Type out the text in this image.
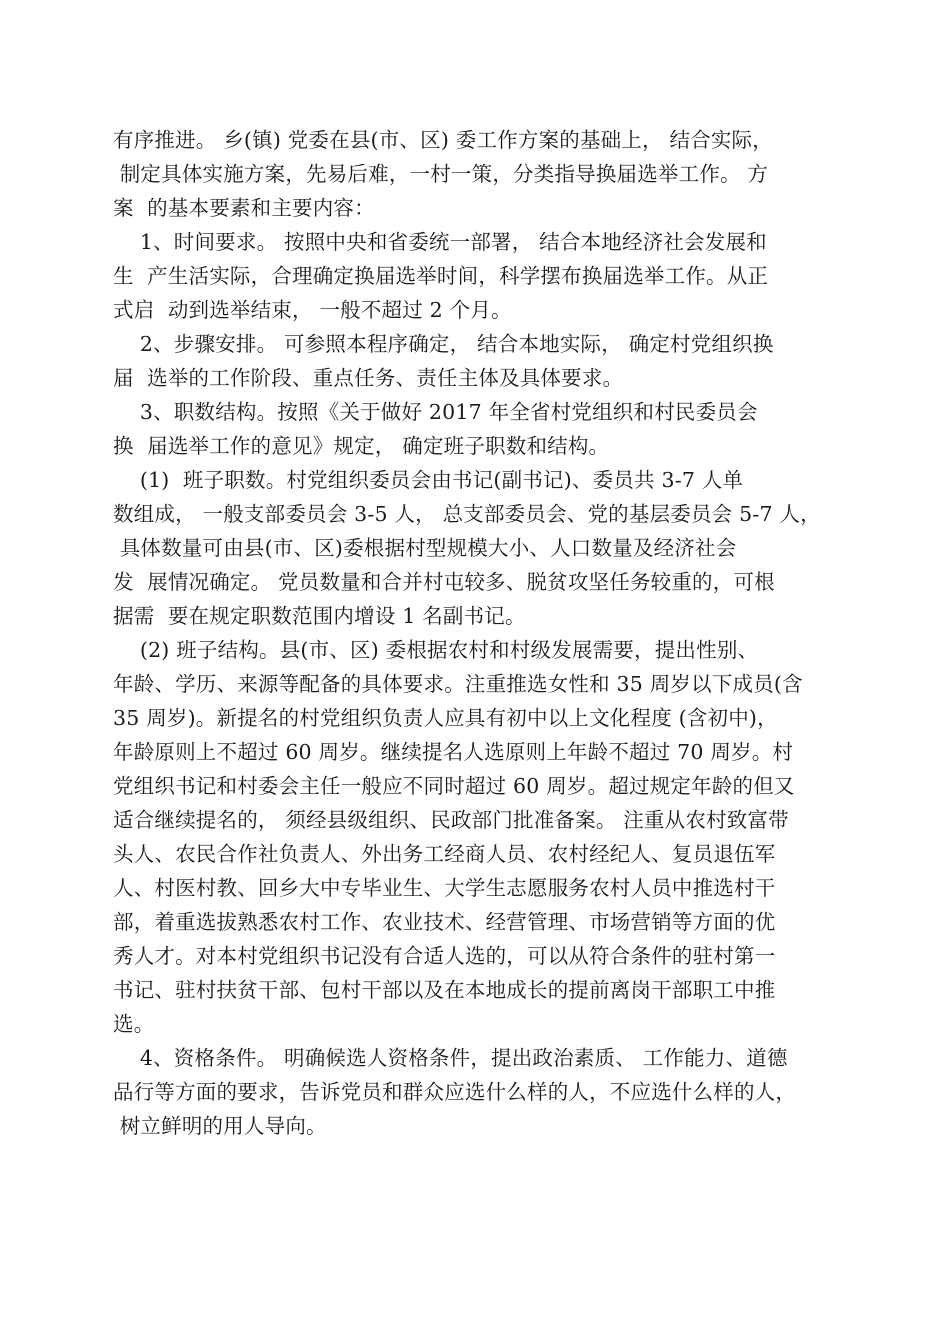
有序推进。 乡(镇) 党委在县(市、区) 委工作方案的基础上， 结合实际，
制定具体实施方案，先易后难，一村一策，分类指导换届选举工作。 方
案  的基本要素和主要内容：
1、时间要求。 按照中央和省委统一部署， 结合本地经济社会发展和
生  产生活实际，合理确定换届选举时间，科学摆布换届选举工作。从正
式启  动到选举结束， 一般不超过 2 个月。
2、步骤安排。 可参照本程序确定， 结合本地实际， 确定村党组织换
届  选举的工作阶段、重点任务、责任主体及具体要求。
3、职数结构。按照《关于做好 2017 年全省村党组织和村民委员会
换  届选举工作的意见》规定， 确定班子职数和结构。
(1)  班子职数。村党组织委员会由书记(副书记)、委员共 3-7 人单
数组成， 一般支部委员会 3-5 人， 总支部委员会、党的基层委员会 5-7 人，
具体数量可由县(市、区)委根据村型规模大小、人口数量及经济社会
发  展情况确定。 党员数量和合并村屯较多、脱贫攻坚任务较重的，可根
据需  要在规定职数范围内增设 1 名副书记。
(2) 班子结构。县(市、区) 委根据农村和村级发展需要，提出性别、
年龄、学历、来源等配备的具体要求。注重推选女性和 35 周岁以下成员(含
35 周岁)。新提名的村党组织负责人应具有初中以上文化程度 (含初中)，
年龄原则上不超过 60 周岁。继续提名人选原则上年龄不超过 70 周岁。村
党组织书记和村委会主任一般应不同时超过 60 周岁。超过规定年龄的但又
适合继续提名的， 须经县级组织、民政部门批准备案。 注重从农村致富带
头人、农民合作社负责人、外出务工经商人员、农村经纪人、复员退伍军
人、村医村教、回乡大中专毕业生、大学生志愿服务农村人员中推选村干
部，着重选拔熟悉农村工作、农业技术、经营管理、市场营销等方面的优
秀人才。对本村党组织书记没有合适人选的，可以从符合条件的驻村第一
书记、驻村扶贫干部、包村干部以及在本地成长的提前离岗干部职工中推
选。
4、资格条件。 明确候选人资格条件，提出政治素质、 工作能力、道德
品行等方面的要求，告诉党员和群众应选什么样的人，不应选什么样的人，
树立鲜明的用人导向。
